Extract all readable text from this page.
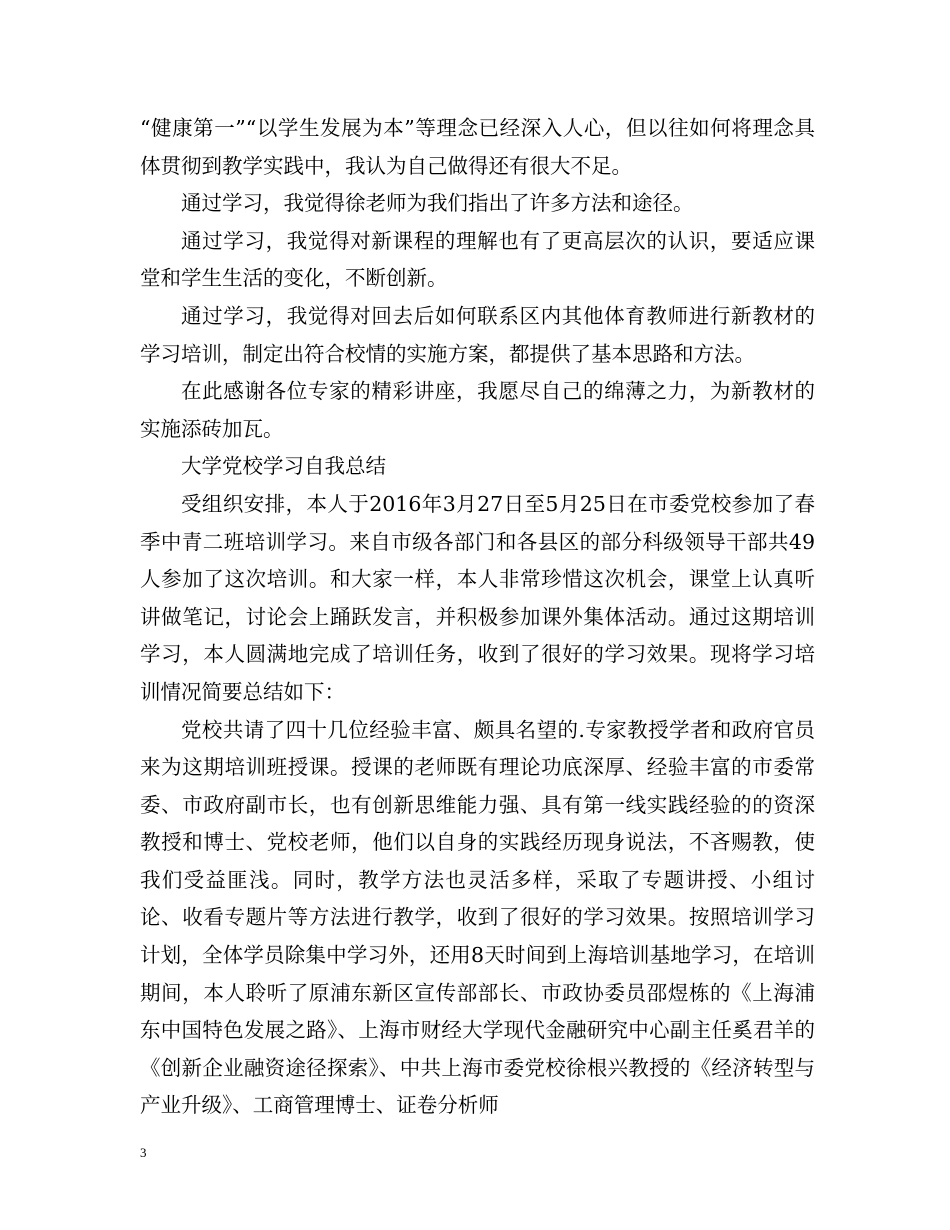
“健康第一”“以学生发展为本”等理念已经深入人心，但以往如何将理念具体贯彻到教学实践中，我认为自己做得还有很大不足。

通过学习，我觉得徐老师为我们指出了许多方法和途径。

通过学习，我觉得对新课程的理解也有了更高层次的认识，要适应课堂和学生生活的变化，不断创新。

通过学习，我觉得对回去后如何联系区内其他体育教师进行新教材的学习培训，制定出符合校情的实施方案，都提供了基本思路和方法。

在此感谢各位专家的精彩讲座，我愿尽自己的绵薄之力，为新教材的实施添砖加瓦。

大学党校学习自我总结

受组织安排，本人于2016年3月27日至5月25日在市委党校参加了春季中青二班培训学习。来自市级各部门和各县区的部分科级领导干部共49人参加了这次培训。和大家一样，本人非常珍惜这次机会，课堂上认真听讲做笔记，讨论会上踊跃发言，并积极参加课外集体活动。通过这期培训学习，本人圆满地完成了培训任务，收到了很好的学习效果。现将学习培训情况简要总结如下：

党校共请了四十几位经验丰富、颇具名望的.专家教授学者和政府官员来为这期培训班授课。授课的老师既有理论功底深厚、经验丰富的市委常委、市政府副市长，也有创新思维能力强、具有第一线实践经验的的资深教授和博士、党校老师，他们以自身的实践经历现身说法，不吝赐教，使我们受益匪浅。同时，教学方法也灵活多样，采取了专题讲授、小组讨论、收看专题片等方法进行教学，收到了很好的学习效果。按照培训学习计划，全体学员除集中学习外，还用8天时间到上海培训基地学习，在培训期间，本人聆听了原浦东新区宣传部部长、市政协委员邵煜栋的《上海浦东中国特色发展之路》、上海市财经大学现代金融研究中心副主任奚君羊的《创新企业融资途径探索》、中共上海市委党校徐根兴教授的《经济转型与产业升级》、工商管理博士、证卷分析师

3
